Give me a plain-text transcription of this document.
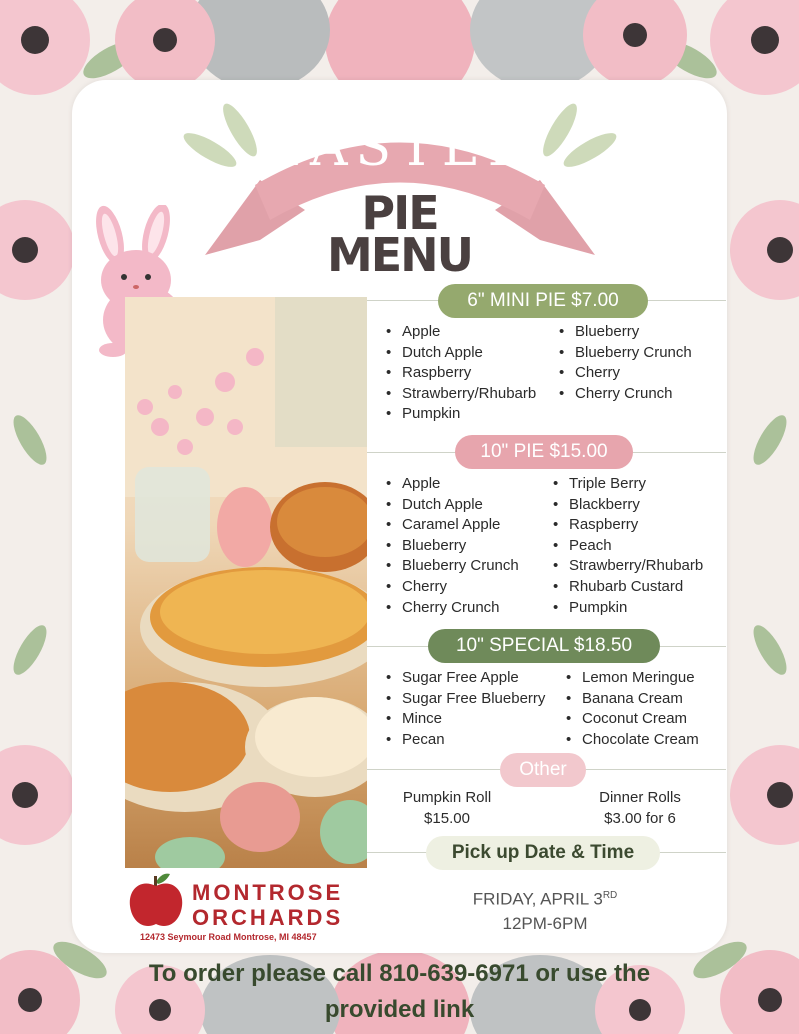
EASTER
PIE
MENU
6" MINI PIE $7.00
• Apple
• Dutch Apple
• Raspberry
• Strawberry/Rhubarb
• Pumpkin
• Blueberry
• Blueberry Crunch
• Cherry
• Cherry Crunch
10" PIE $15.00
• Apple
• Dutch Apple
• Caramel Apple
• Blueberry
• Blueberry Crunch
• Cherry
• Cherry Crunch
• Triple Berry
• Blackberry
• Raspberry
• Peach
• Strawberry/Rhubarb
• Rhubarb Custard
• Pumpkin
10" SPECIAL $18.50
• Sugar Free Apple
• Sugar Free Blueberry
• Mince
• Pecan
• Lemon Meringue
• Banana Cream
• Coconut Cream
• Chocolate Cream
Other
Pumpkin Roll
$15.00
Dinner Rolls
$3.00 for 6
Pick up Date & Time
FRIDAY, APRIL 3RD
12PM-6PM
MONTROSE
ORCHARDS
12473 Seymour Road Montrose, MI 48457
To order please call 810-639-6971 or use the
provided link
